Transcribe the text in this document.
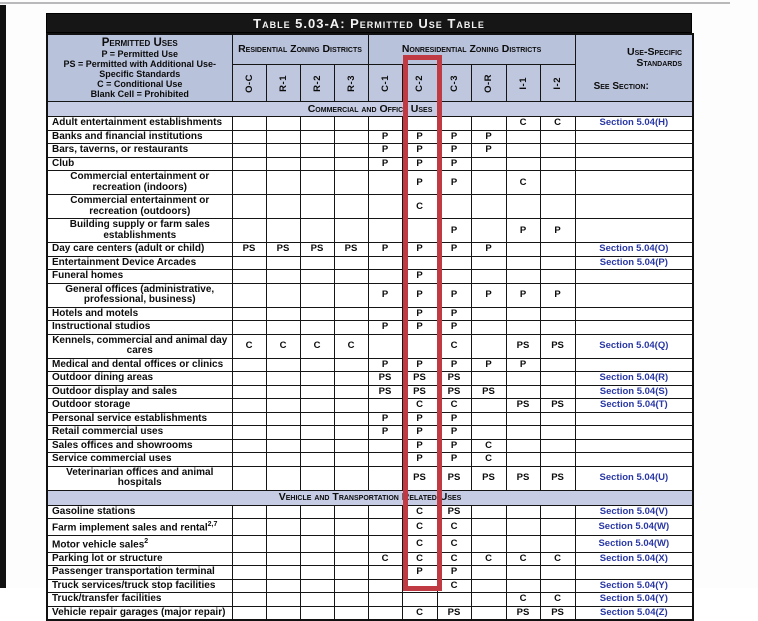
Table 5.03-A: Permitted Use Table
Permitted Uses
P = Permitted Use
PS = Permitted with Additional Use-Specific Standards
C = Conditional Use
Blank Cell = Prohibited
	Residential Zoning Districts	Nonresidential Zoning Districts	Use-Specific Standards
See Section:

	O-C	R-1	R-2	R-3	C-1	C-2	C-3	O-R	I-1	I-2	

Commercial and Office Uses											
Adult entertainment establishments									C	C	Section 5.04(H)
Banks and financial institutions					P	P	P	P			
Bars, taverns, or restaurants					P	P	P	P			
Club					P	P	P				
Commercial entertainment or recreation (indoors)						P	P		C		
Commercial entertainment or recreation (outdoors)						C					
Building supply or farm sales establishments							P		P	P	
Day care centers (adult or child)	PS	PS	PS	PS	P	P	P	P			Section 5.04(O)
Entertainment Device Arcades											Section 5.04(P)
Funeral homes						P					
General offices (administrative, professional, business)					P	P	P	P	P	P	
Hotels and motels						P	P				
Instructional studios					P	P	P				
Kennels, commercial and animal day cares	C	C	C	C			C		PS	PS	Section 5.04(Q)
Medical and dental offices or clinics					P	P	P	P	P		
Outdoor dining areas					PS	PS	PS				Section 5.04(R)
Outdoor display and sales					PS	PS	PS	PS			Section 5.04(S)
Outdoor storage						C	C		PS	PS	Section 5.04(T)
Personal service establishments					P	P	P				
Retail commercial uses					P	P	P				
Sales offices and showrooms						P	P	C			
Service commercial uses						P	P	C			
Veterinarian offices and animal hospitals						PS	PS	PS	PS	PS	Section 5.04(U)
Vehicle and Transportation Related Uses											
Gasoline stations						C	PS				Section 5.04(V)
Farm implement sales and rental$^{2,7}$						C	C				Section 5.04(W)
Motor vehicle sales$^2$						C	C				Section 5.04(W)
Parking lot or structure					C	C	C	C	C	C	Section 5.04(X)
Passenger transportation terminal						P	P				
Truck services/truck stop facilities							C				Section 5.04(Y)
Truck/transfer facilities									C	C	Section 5.04(Y)
Vehicle repair garages (major repair)						C	PS		PS	PS	Section 5.04(Z)
